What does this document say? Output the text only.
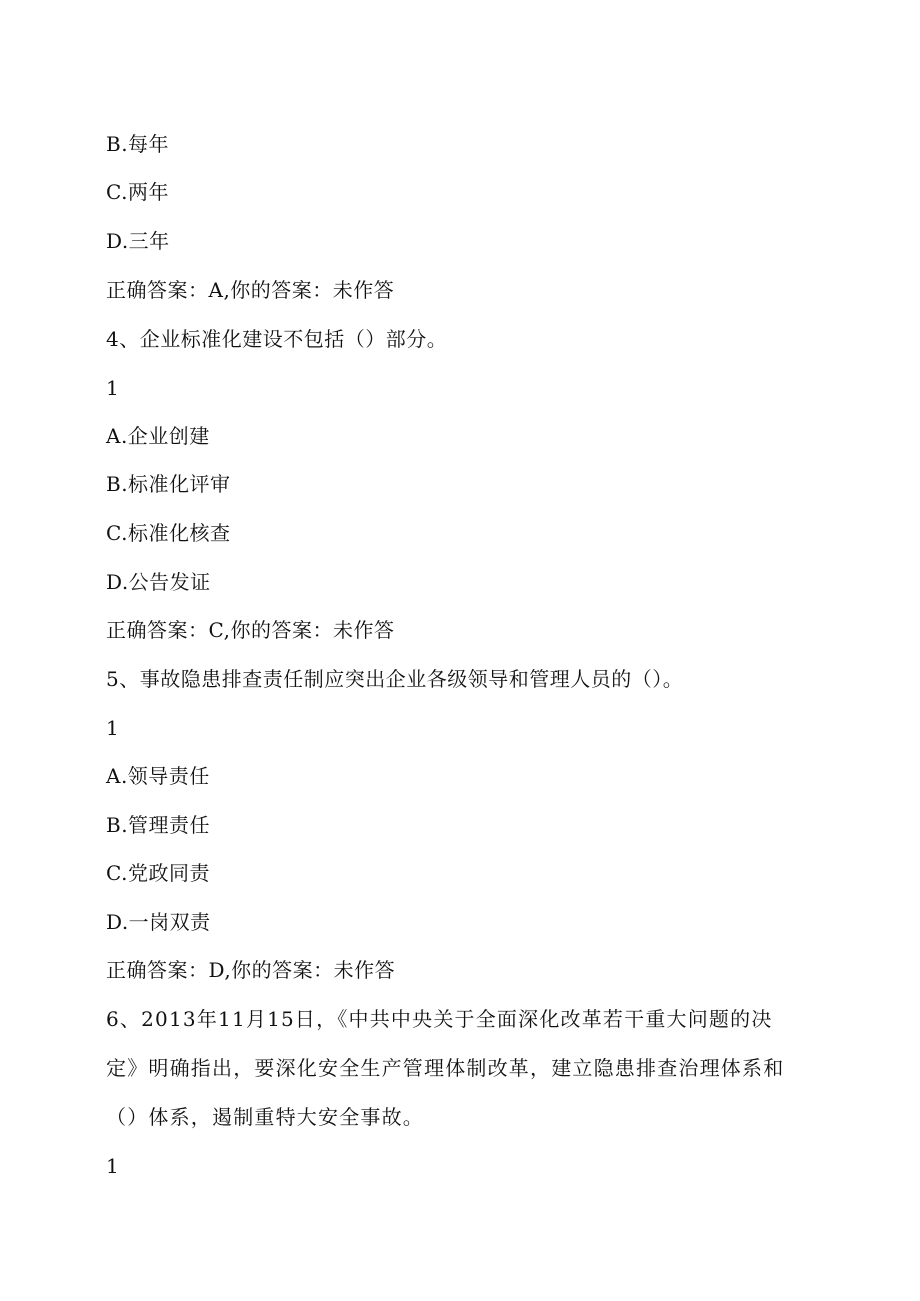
B.每年
C.两年
D.三年
正确答案：A,你的答案：未作答
4、企业标准化建设不包括（）部分。
1
A.企业创建
B.标准化评审
C.标准化核查
D.公告发证
正确答案：C,你的答案：未作答
5、事故隐患排查责任制应突出企业各级领导和管理人员的（）。
1
A.领导责任
B.管理责任
C.党政同责
D.一岗双责
正确答案：D,你的答案：未作答
6、2013年11月15日，《中共中央关于全面深化改革若干重大问题的决
定》明确指出，要深化安全生产管理体制改革，建立隐患排查治理体系和
（）体系，遏制重特大安全事故。
1
